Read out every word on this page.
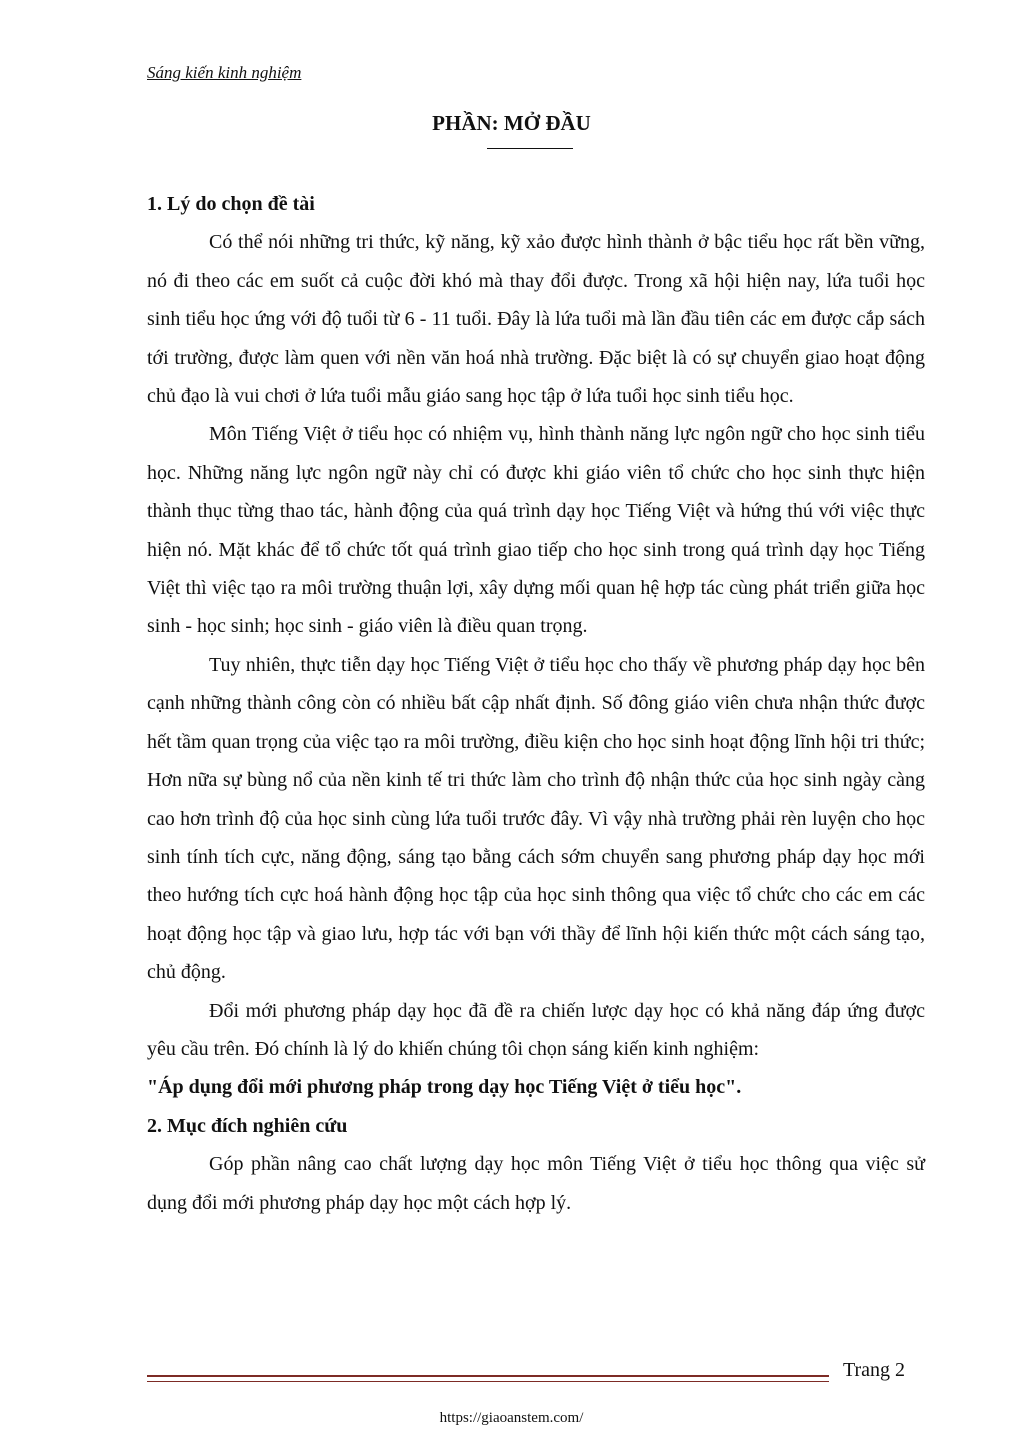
Sáng kiến kinh nghiệm
PHẦN: MỞ ĐẦU

1. Lý do chọn đề tài

Có thể nói những tri thức, kỹ năng, kỹ xảo được hình thành ở bậc tiểu học rất bền vững, nó đi theo các em suốt cả cuộc đời khó mà thay đổi được. Trong xã hội hiện nay, lứa tuổi học sinh tiểu học ứng với độ tuổi từ 6 - 11 tuổi. Đây là lứa tuổi mà lần đầu tiên các em được cắp sách tới trường, được làm quen với nền văn hoá nhà trường. Đặc biệt là có sự chuyển giao hoạt động chủ đạo là vui chơi ở lứa tuổi mẫu giáo sang học tập ở lứa tuổi học sinh tiểu học.

Môn Tiếng Việt ở tiểu học có nhiệm vụ, hình thành năng lực ngôn ngữ cho học sinh tiểu học. Những năng lực ngôn ngữ này chỉ có được khi giáo viên tổ chức cho học sinh thực hiện thành thục từng thao tác, hành động của quá trình dạy học Tiếng Việt và hứng thú với việc thực hiện nó. Mặt khác để tổ chức tốt quá trình giao tiếp cho học sinh trong quá trình dạy học Tiếng Việt thì việc tạo ra môi trường thuận lợi, xây dựng mối quan hệ hợp tác cùng phát triển giữa học sinh - học sinh; học sinh - giáo viên là điều quan trọng.

Tuy nhiên, thực tiễn dạy học Tiếng Việt ở tiểu học cho thấy về phương pháp dạy học bên cạnh những thành công còn có nhiều bất cập nhất định. Số đông giáo viên chưa nhận thức được hết tầm quan trọng của việc tạo ra môi trường, điều kiện cho học sinh hoạt động lĩnh hội tri thức; Hơn nữa sự bùng nổ của nền kinh tế tri thức làm cho trình độ nhận thức của học sinh ngày càng cao hơn trình độ của học sinh cùng lứa tuổi trước đây. Vì vậy nhà trường phải rèn luyện cho học sinh tính tích cực, năng động, sáng tạo bằng cách sớm chuyển sang phương pháp dạy học mới theo hướng tích cực hoá hành động học tập của học sinh thông qua việc tổ chức cho các em các hoạt động học tập và giao lưu, hợp tác với bạn với thầy để lĩnh hội kiến thức một cách sáng tạo, chủ động.

Đổi mới phương pháp dạy học đã đề ra chiến lược dạy học có khả năng đáp ứng được yêu cầu trên. Đó chính là lý do khiến chúng tôi chọn sáng kiến kinh nghiệm:

"Áp dụng đổi mới phương pháp trong dạy học Tiếng Việt ở tiểu học".

2. Mục đích nghiên cứu

Góp phần nâng cao chất lượng dạy học môn Tiếng Việt ở tiểu học thông qua việc sử dụng đổi mới phương pháp dạy học một cách hợp lý.

Trang 2
https://giaoanstem.com/
